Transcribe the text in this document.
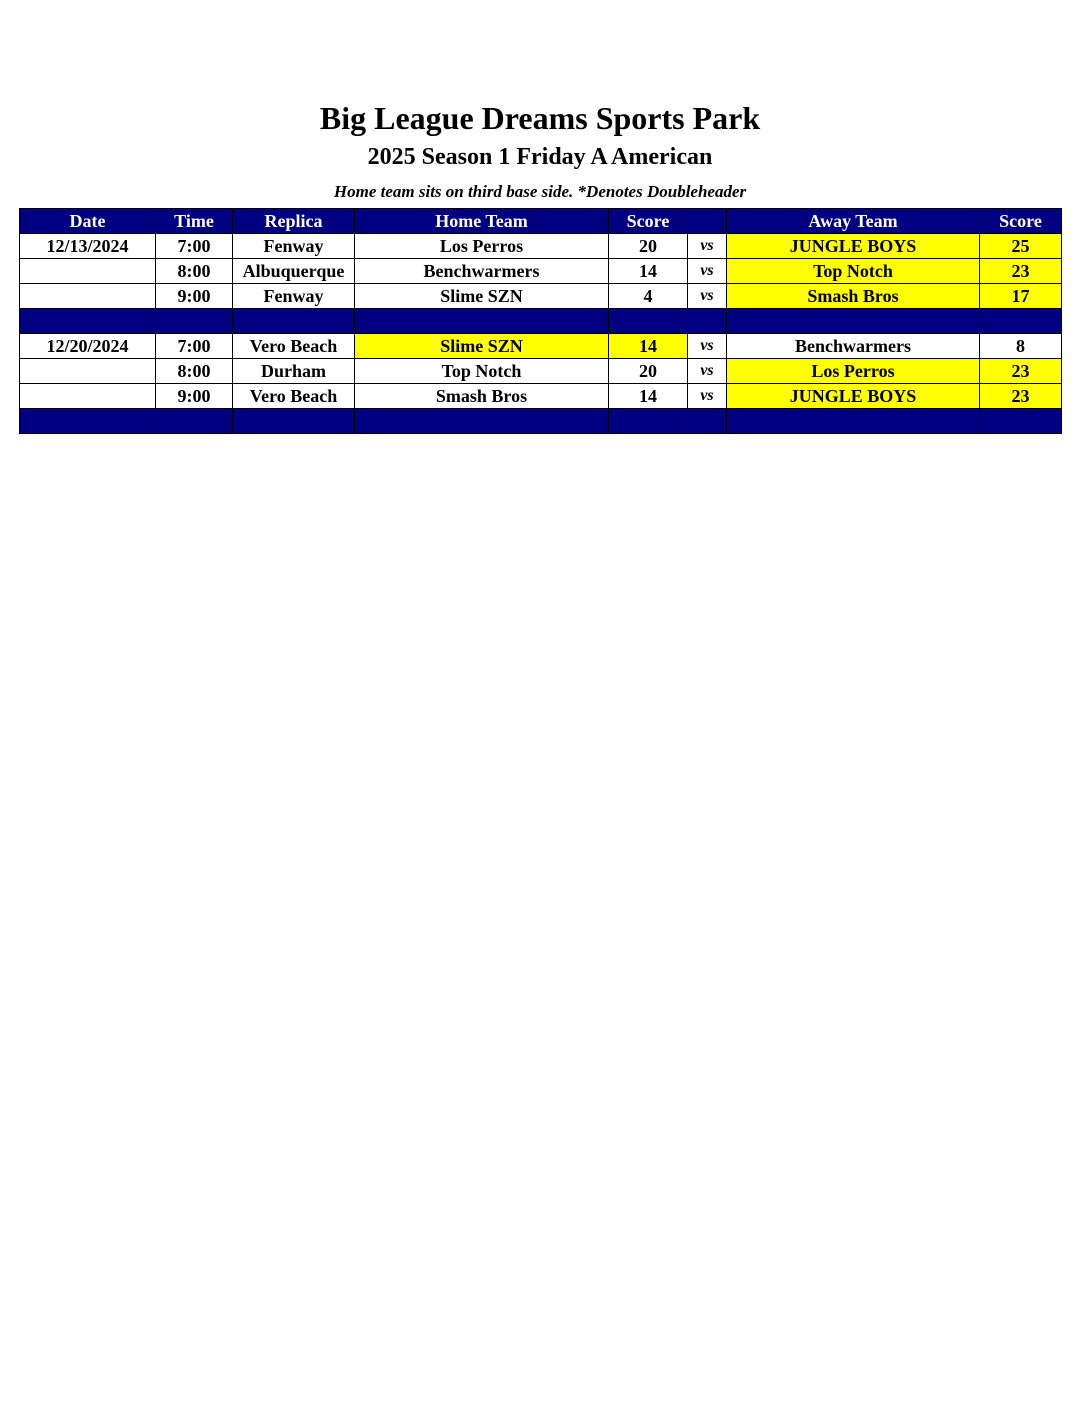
Big League Dreams Sports Park
2025 Season 1 Friday A American
Home team sits on third base side. *Denotes Doubleheader
Date	Time	Replica	Home Team	Score		Away Team	Score
12/13/2024	7:00	Fenway	Los Perros	20	vs	JUNGLE BOYS	25
	8:00	Albuquerque	Benchwarmers	14	vs	Top Notch	23
	9:00	Fenway	Slime SZN	4	vs	Smash Bros	17

12/20/2024	7:00	Vero Beach	Slime SZN	14	vs	Benchwarmers	8
	8:00	Durham	Top Notch	20	vs	Los Perros	23
	9:00	Vero Beach	Smash Bros	14	vs	JUNGLE BOYS	23
